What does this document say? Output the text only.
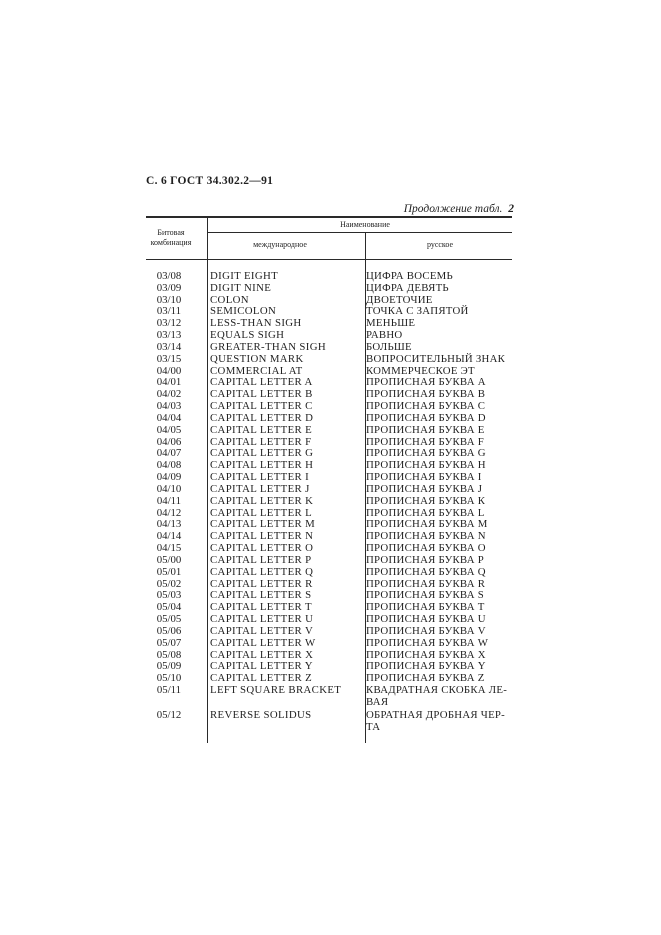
С. 6 ГОСТ 34.302.2—91
Продолжение табл. 2
Битовая комбинация
Наименование
международное	русское
03/08	DIGIT EIGHT	ЦИФРА ВОСЕМЬ
03/09	DIGIT NINE	ЦИФРА ДЕВЯТЬ
03/10	COLON	ДВОЕТОЧИЕ
03/11	SEMICOLON	ТОЧКА С ЗАПЯТОЙ
03/12	LESS-THAN SIGH	МЕНЬШЕ
03/13	EQUALS SIGH	РАВНО
03/14	GREATER-THAN SIGH	БОЛЬШЕ
03/15	QUESTION MARK	ВОПРОСИТЕЛЬНЫЙ ЗНАК
04/00	COMMERCIAL AT	КОММЕРЧЕСКОЕ ЭТ
04/01	CAPITAL LETTER A	ПРОПИСНАЯ БУКВА А
04/02	CAPITAL LETTER B	ПРОПИСНАЯ БУКВА В
04/03	CAPITAL LETTER C	ПРОПИСНАЯ БУКВА С
04/04	CAPITAL LETTER D	ПРОПИСНАЯ БУКВА D
04/05	CAPITAL LETTER E	ПРОПИСНАЯ БУКВА Е
04/06	CAPITAL LETTER F	ПРОПИСНАЯ БУКВА F
04/07	CAPITAL LETTER G	ПРОПИСНАЯ БУКВА G
04/08	CAPITAL LETTER H	ПРОПИСНАЯ БУКВА Н
04/09	CAPITAL LETTER I	ПРОПИСНАЯ БУКВА I
04/10	CAPITAL LETTER J	ПРОПИСНАЯ БУКВА J
04/11	CAPITAL LETTER K	ПРОПИСНАЯ БУКВА К
04/12	CAPITAL LETTER L	ПРОПИСНАЯ БУКВА L
04/13	CAPITAL LETTER M	ПРОПИСНАЯ БУКВА М
04/14	CAPITAL LETTER N	ПРОПИСНАЯ БУКВА N
04/15	CAPITAL LETTER O	ПРОПИСНАЯ БУКВА О
05/00	CAPITAL LETTER P	ПРОПИСНАЯ БУКВА Р
05/01	CAPITAL LETTER Q	ПРОПИСНАЯ БУКВА Q
05/02	CAPITAL LETTER R	ПРОПИСНАЯ БУКВА R
05/03	CAPITAL LETTER S	ПРОПИСНАЯ БУКВА S
05/04	CAPITAL LETTER T	ПРОПИСНАЯ БУКВА Т
05/05	CAPITAL LETTER U	ПРОПИСНАЯ БУКВА U
05/06	CAPITAL LETTER V	ПРОПИСНАЯ БУКВА V
05/07	CAPITAL LETTER W	ПРОПИСНАЯ БУКВА W
05/08	CAPITAL LETTER X	ПРОПИСНАЯ БУКВА Х
05/09	CAPITAL LETTER Y	ПРОПИСНАЯ БУКВА Y
05/10	CAPITAL LETTER Z	ПРОПИСНАЯ БУКВА Z
05/11	LEFT SQUARE BRACKET КВАДРАТНАЯ СКОБКА ЛЕ-
ВАЯ
05/12	REVERSE SOLIDUS	ОБРАТНАЯ ДРОБНАЯ ЧЕР-
ТА
